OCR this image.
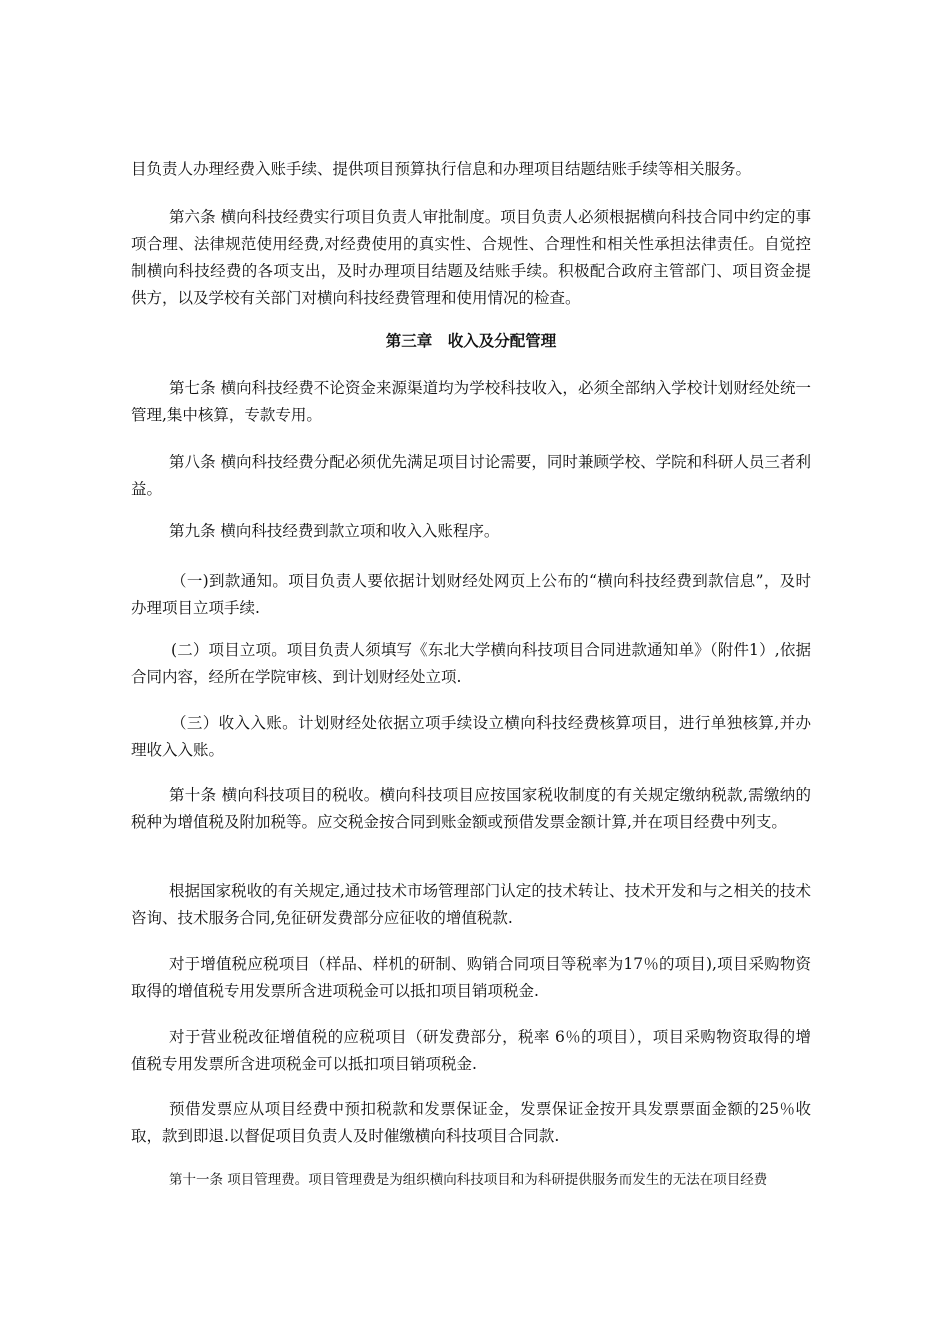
目负责人办理经费入账手续、提供项目预算执行信息和办理项目结题结账手续等相关服务。

第六条 横向科技经费实行项目负责人审批制度。项目负责人必须根据横向科技合同中约定的事项合理、法律规范使用经费,对经费使用的真实性、合规性、合理性和相关性承担法律责任。自觉控制横向科技经费的各项支出，及时办理项目结题及结账手续。积极配合政府主管部门、项目资金提供方，以及学校有关部门对横向科技经费管理和使用情况的检查。

第三章　收入及分配管理

第七条 横向科技经费不论资金来源渠道均为学校科技收入，必须全部纳入学校计划财经处统一管理,集中核算，专款专用。

第八条 横向科技经费分配必须优先满足项目讨论需要，同时兼顾学校、学院和科研人员三者利益。

第九条 横向科技经费到款立项和收入入账程序。

（一)到款通知。项目负责人要依据计划财经处网页上公布的“横向科技经费到款信息”，及时办理项目立项手续.

(二）项目立项。项目负责人须填写《东北大学横向科技项目合同进款通知单》（附件1）,依据合同内容，经所在学院审核、到计划财经处立项.

（三）收入入账。计划财经处依据立项手续设立横向科技经费核算项目，进行单独核算,并办理收入入账。

第十条 横向科技项目的税收。横向科技项目应按国家税收制度的有关规定缴纳税款,需缴纳的税种为增值税及附加税等。应交税金按合同到账金额或预借发票金额计算,并在项目经费中列支。

根据国家税收的有关规定,通过技术市场管理部门认定的技术转让、技术开发和与之相关的技术咨询、技术服务合同,免征研发费部分应征收的增值税款.

对于增值税应税项目（样品、样机的研制、购销合同项目等税率为17％的项目),项目采购物资取得的增值税专用发票所含进项税金可以抵扣项目销项税金.

对于营业税改征增值税的应税项目（研发费部分，税率 6％的项目），项目采购物资取得的增值税专用发票所含进项税金可以抵扣项目销项税金.

预借发票应从项目经费中预扣税款和发票保证金，发票保证金按开具发票票面金额的25％收取，款到即退.以督促项目负责人及时催缴横向科技项目合同款.

第十一条 项目管理费。项目管理费是为组织横向科技项目和为科研提供服务而发生的无法在项目经费
